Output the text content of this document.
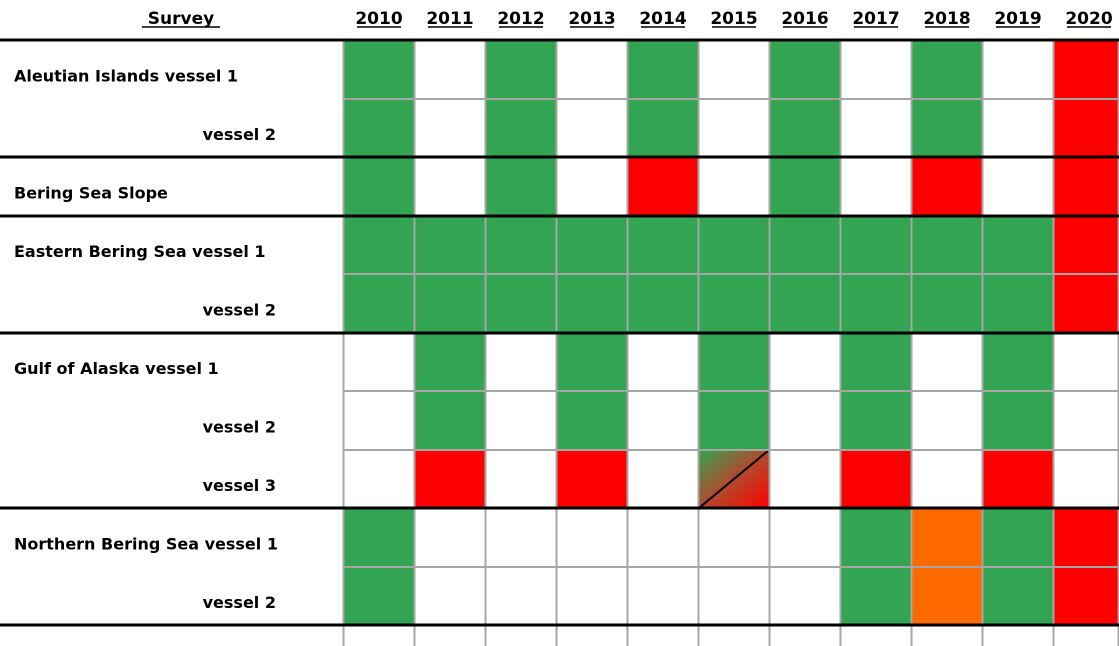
Survey	2010 2011 2012 2013 2014 2015 2016 2017 2018 2019 2020
Aleutian Islands vessel 1
vessel 2
Bering Sea Slope
Eastern Bering Sea vessel 1
vessel 2
Gulf of Alaska vessel 1
vessel 2
vessel 3
Northern Bering Sea vessel 1
vessel 2
